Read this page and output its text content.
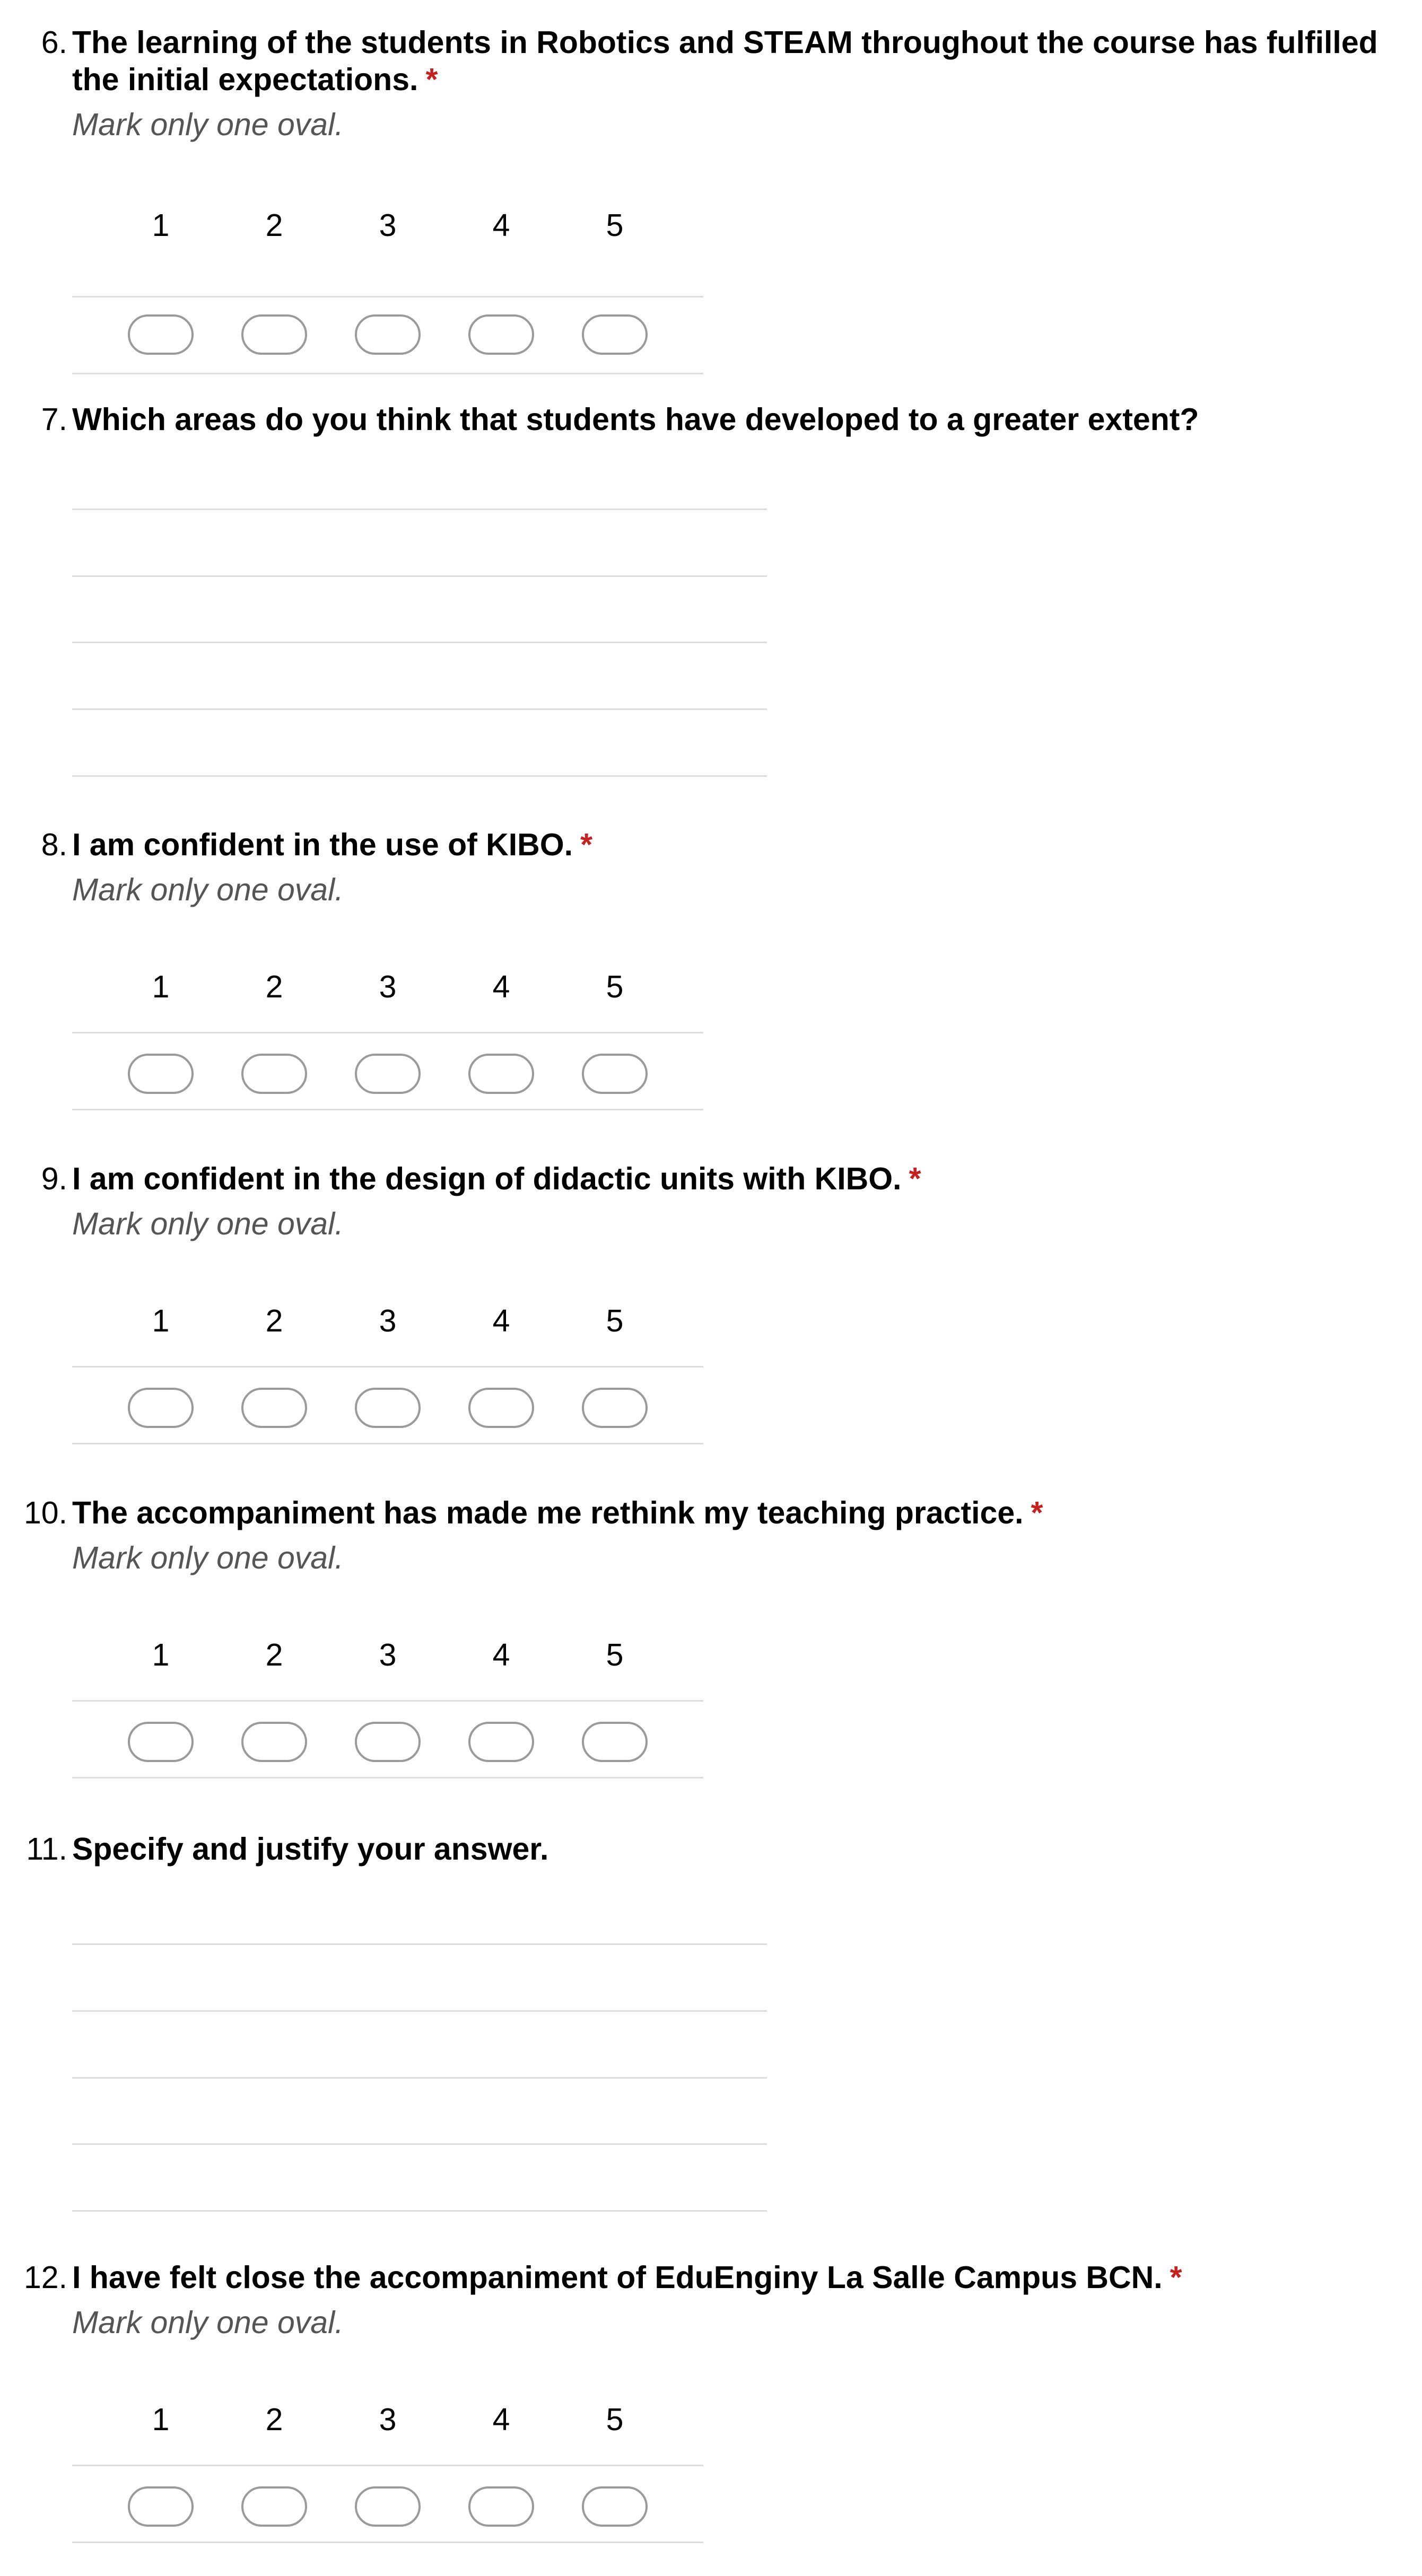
6. The learning of the students in Robotics and STEAM throughout the course has fulfilled the initial expectations. *
Mark only one oval.
1	2	3	4	5
7. Which areas do you think that students have developed to a greater extent?
8. I am confident in the use of KIBO. *
Mark only one oval.
1	2	3	4	5
9. I am confident in the design of didactic units with KIBO. *
Mark only one oval.
1	2	3	4	5
10. The accompaniment has made me rethink my teaching practice. *
Mark only one oval.
1	2	3	4	5
11. Specify and justify your answer.
12. I have felt close the accompaniment of EduEnginy La Salle Campus BCN. *
Mark only one oval.
1	2	3	4	5
